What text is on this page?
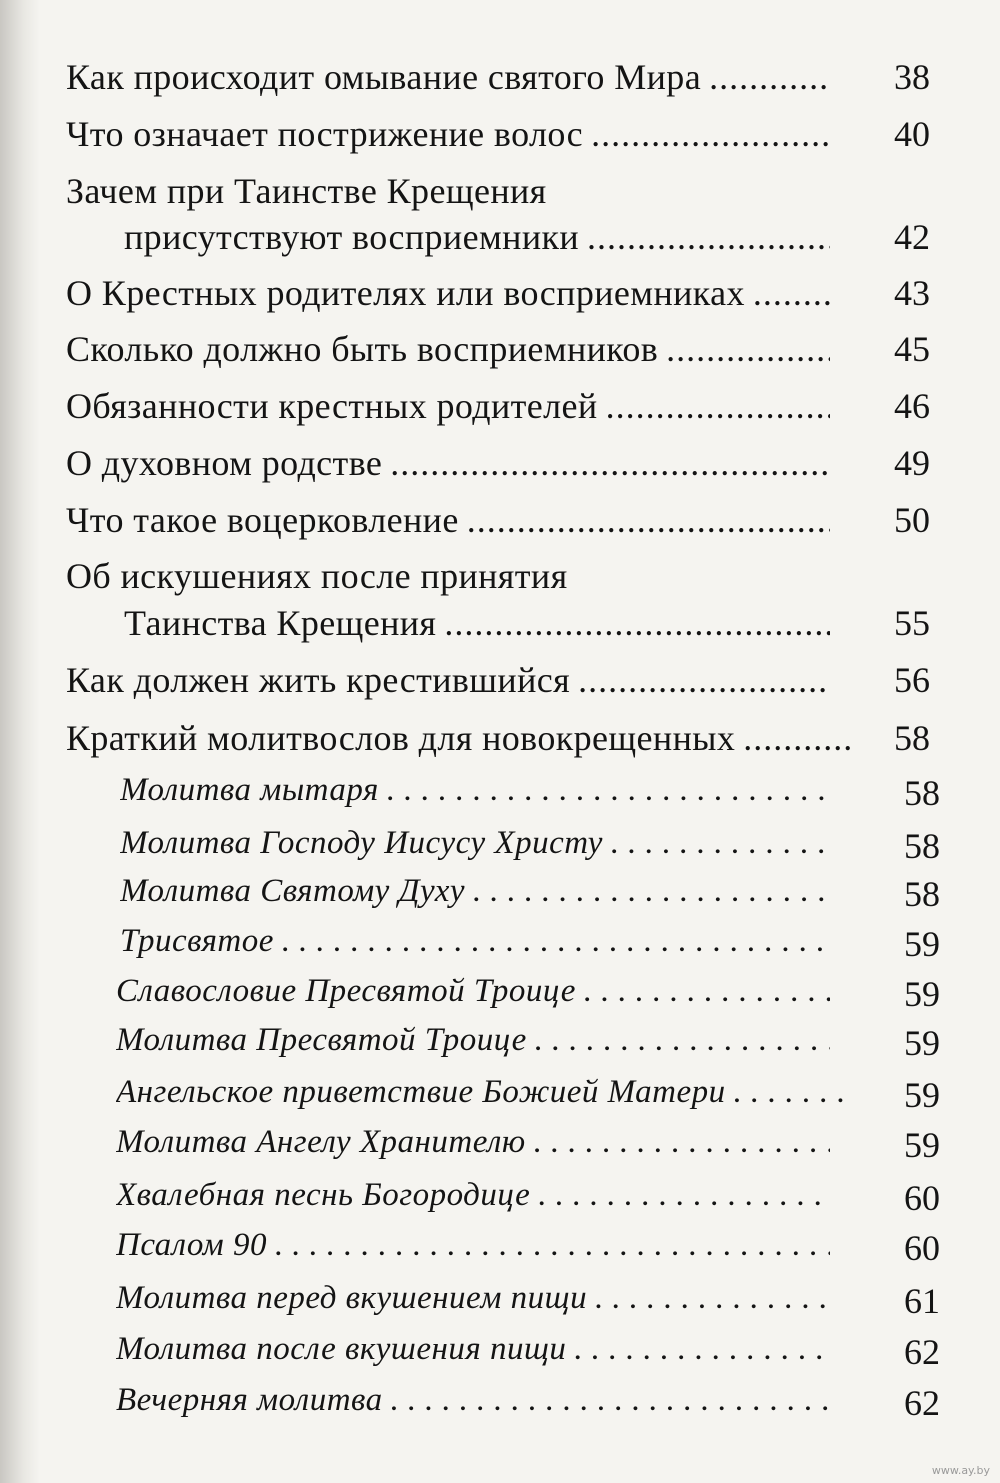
Как происходит омывание святого Мира .....	38
Что означает пострижение волос .....	40
Зачем при Таинстве Крещения
присутствуют восприемники .....	42
О Крестных родителях или восприемниках .....	43
Сколько должно быть восприемников .....	45
Обязанности крестных родителей .....	46
О духовном родстве .....	49
Что такое воцерковление .....	50
Об искушениях после принятия
Таинства Крещения .....	55
Как должен жить крестившийся .....	56
Краткий молитвослов для новокрещенных .....	58
Молитва мытаря .....	58
Молитва Господу Иисусу Христу .....	58
Молитва Святому Духу .....	58
Трисвятое .....	59
Славословие Пресвятой Троице .....	59
Молитва Пресвятой Троице .....	59
Ангельское приветствие Божией Матери .....	59
Молитва Ангелу Хранителю .....	59
Хвалебная песнь Богородице .....	60
Псалом 90 .....	60
Молитва перед вкушением пищи .....	61
Молитва после вкушения пищи .....	62
Вечерняя молитва .....	62
www.ay.by
